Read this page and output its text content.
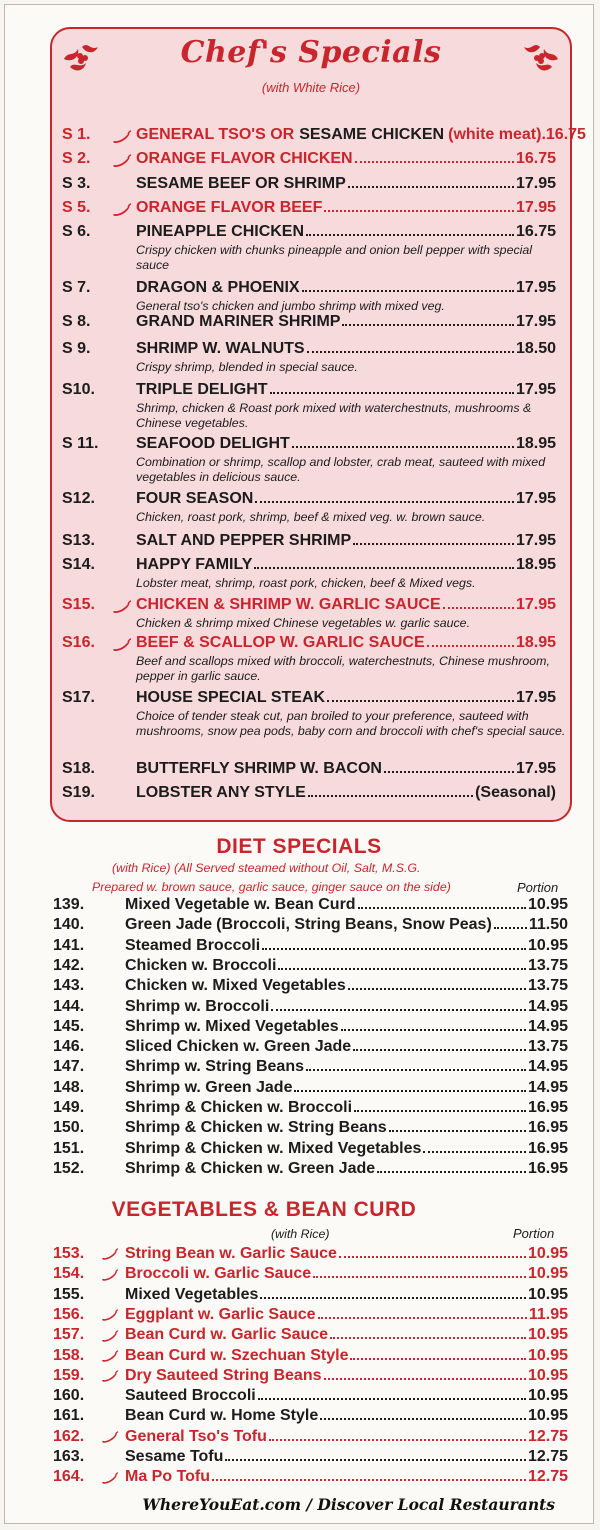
Chef's Specials
(with White Rice)
S 1.	GENERAL TSO'S OR SESAME CHICKEN (white meat) . 16.75
S 2.	ORANGE FLAVOR CHICKEN	16.75
S 3.	SESAME BEEF OR SHRIMP	17.95
S 5.	ORANGE FLAVOR BEEF	17.95
S 6.	PINEAPPLE CHICKEN	16.75
Crispy chicken with chunks pineapple and onion bell pepper with special sauce
S 7.	DRAGON & PHOENIX	17.95
General tso's chicken and jumbo shrimp with mixed veg.
S 8.	GRAND MARINER SHRIMP	17.95
S 9.	SHRIMP W. WALNUTS	18.50
Crispy shrimp, blended in special sauce.
S10.	TRIPLE DELIGHT	17.95
Shrimp, chicken & Roast pork mixed with waterchestnuts, mushrooms & Chinese vegetables.
S 11.	SEAFOOD DELIGHT	18.95
Combination or shrimp, scallop and lobster, crab meat, sauteed with mixed vegetables in delicious sauce.
S12.	FOUR SEASON	17.95
Chicken, roast pork, shrimp, beef & mixed veg. w. brown sauce.
S13.	SALT AND PEPPER SHRIMP	17.95
S14.	HAPPY FAMILY	18.95
Lobster meat, shrimp, roast pork, chicken, beef & Mixed vegs.
S15.	CHICKEN & SHRIMP W. GARLIC SAUCE	17.95
Chicken & shrimp mixed Chinese vegetables w. garlic sauce.
S16.	BEEF & SCALLOP W. GARLIC SAUCE	18.95
Beef and scallops mixed with broccoli, waterchestnuts, Chinese mushroom, pepper in garlic sauce.
S17.	HOUSE SPECIAL STEAK	17.95
Choice of tender steak cut, pan broiled to your preference, sauteed with mushrooms, snow pea pods, baby corn and broccoli with chef's special sauce.
S18.	BUTTERFLY SHRIMP W. BACON	17.95
S19.	LOBSTER ANY STYLE	(Seasonal)
DIET SPECIALS
(with Rice) (All Served steamed without Oil, Salt, M.S.G.
Prepared w. brown sauce, garlic sauce, ginger sauce on the side)	Portion
139.	Mixed Vegetable w. Bean Curd	10.95
140.	Green Jade (Broccoli, String Beans, Snow Peas) 11.50
141.	Steamed Broccoli	10.95
142.	Chicken w. Broccoli	13.75
143.	Chicken w. Mixed Vegetables	13.75
144.	Shrimp w. Broccoli	14.95
145.	Shrimp w. Mixed Vegetables	14.95
146.	Sliced Chicken w. Green Jade	13.75
147.	Shrimp w. String Beans	14.95
148.	Shrimp w. Green Jade	14.95
149.	Shrimp & Chicken w. Broccoli	16.95
150.	Shrimp & Chicken w. String Beans	16.95
151.	Shrimp & Chicken w. Mixed Vegetables	16.95
152.	Shrimp & Chicken w. Green Jade	16.95
VEGETABLES & BEAN CURD
(with Rice)	Portion
153.	String Bean w. Garlic Sauce	10.95
154.	Broccoli w. Garlic Sauce	10.95
155.	Mixed Vegetables	10.95
156.	Eggplant w. Garlic Sauce	11.95
157.	Bean Curd w. Garlic Sauce	10.95
158.	Bean Curd w. Szechuan Style	10.95
159.	Dry Sauteed String Beans	10.95
160.	Sauteed Broccoli	10.95
161.	Bean Curd w. Home Style	10.95
162.	General Tso's Tofu	12.75
163.	Sesame Tofu	12.75
164.	Ma Po Tofu	12.75
WhereYouEat.com / Discover Local Restaurants
